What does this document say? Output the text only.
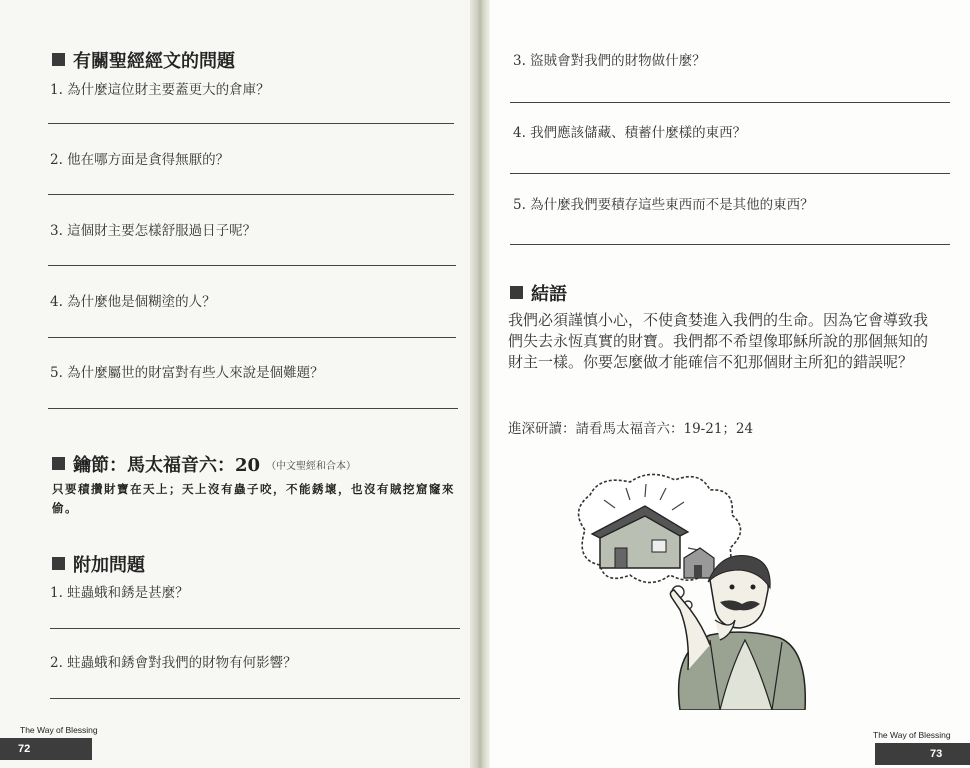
有關聖經經文的問題
1. 為什麼這位財主要蓋更大的倉庫？
2. 他在哪方面是貪得無厭的？
3. 這個財主要怎樣舒服過日子呢？
4. 為什麼他是個糊塗的人？
5. 為什麼屬世的財富對有些人來說是個難題？
鑰節：馬太福音六：20 （中文聖經和合本）
只要積攢財寶在天上；天上沒有蟲子咬，不能銹壞，也沒有賊挖窟窿來偷。
附加問題
1. 蛀蟲蛾和銹是甚麼？
2. 蛀蟲蛾和銹會對我們的財物有何影響？
The Way of Blessing
72
3. 盜賊會對我們的財物做什麼？
4. 我們應該儲藏、積蓄什麼樣的東西？
5. 為什麼我們要積存這些東西而不是其他的東西？
結語
我們必須謹慎小心，不使貪婪進入我們的生命。因為它會導致我們失去永恆真實的財寶。我們都不希望像耶穌所說的那個無知的財主一樣。你要怎麼做才能確信不犯那個財主所犯的錯誤呢？
進深研讀：請看馬太福音六：19-21；24
The Way of Blessing
73
